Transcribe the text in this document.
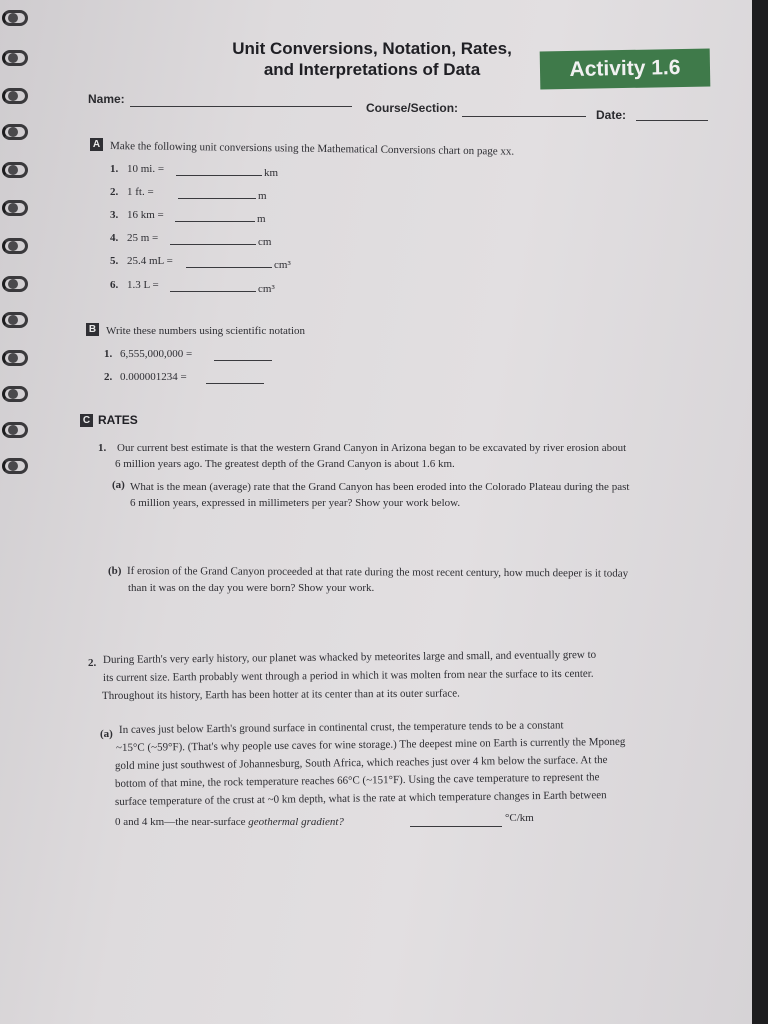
Unit Conversions, Notation, Rates,
and Interpretations of Data	Activity 1.6
Name:
Course/Section:	Date:
A Make the following unit conversions using the Mathematical Conversions chart on page xx.
1. 10 mi. =	km
2. 1 ft. =	m
3. 16 km =	m
4. 25 m =	cm
5. 25.4 mL =	cm³
6. 1.3 L =	cm³
B Write these numbers using scientific notation
1. 6,555,000,000 =
2. 0.000001234 =
C RATES
1. Our current best estimate is that the western Grand Canyon in Arizona began to be excavated by river erosion about
6 million years ago. The greatest depth of the Grand Canyon is about 1.6 km.
(a) What is the mean (average) rate that the Grand Canyon has been eroded into the Colorado Plateau during the past
6 million years, expressed in millimeters per year? Show your work below.
(b) If erosion of the Grand Canyon proceeded at that rate during the most recent century, how much deeper is it today
than it was on the day you were born? Show your work.
2. During Earth's very early history, our planet was whacked by meteorites large and small, and eventually grew to
its current size. Earth probably went through a period in which it was molten from near the surface to its center.
Throughout its history, Earth has been hotter at its center than at its outer surface.
(a) In caves just below Earth's ground surface in continental crust, the temperature tends to be a constant
~15°C (~59°F). (That's why people use caves for wine storage.) The deepest mine on Earth is currently the Mponeg
gold mine just southwest of Johannesburg, South Africa, which reaches just over 4 km below the surface. At the
bottom of that mine, the rock temperature reaches 66°C (~151°F). Using the cave temperature to represent the
surface temperature of the crust at ~0 km depth, what is the rate at which temperature changes in Earth between
0 and 4 km—the near-surface geothermal gradient?	°C/km
